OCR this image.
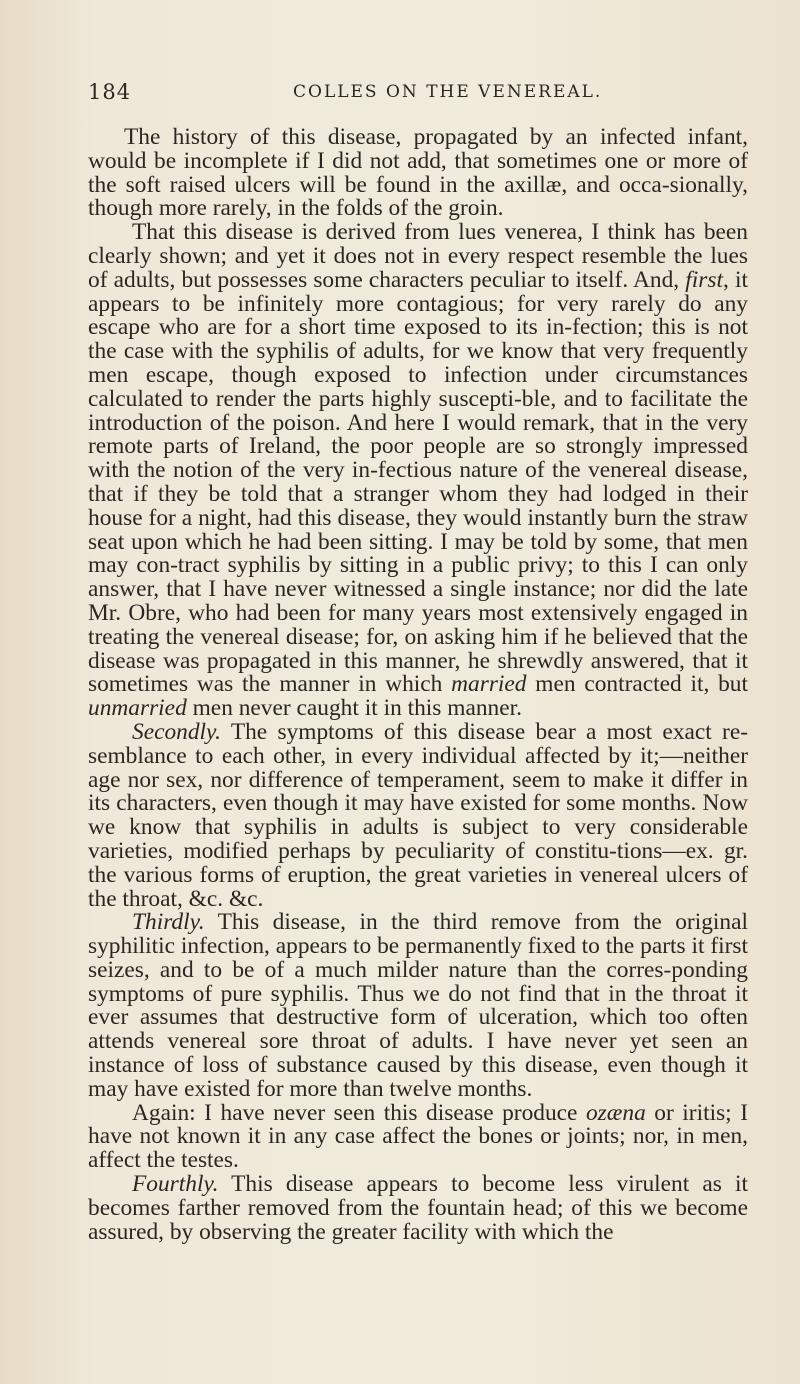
184	COLLES ON THE VENEREAL.

The history of this disease, propagated by an infected infant, would be incomplete if I did not add, that sometimes one or more of the soft raised ulcers will be found in the axillæ, and occa-sionally, though more rarely, in the folds of the groin.

That this disease is derived from lues venerea, I think has been clearly shown; and yet it does not in every respect resemble the lues of adults, but possesses some characters peculiar to itself. And, first, it appears to be infinitely more contagious; for very rarely do any escape who are for a short time exposed to its in-fection; this is not the case with the syphilis of adults, for we know that very frequently men escape, though exposed to infection under circumstances calculated to render the parts highly suscepti-ble, and to facilitate the introduction of the poison. And here I would remark, that in the very remote parts of Ireland, the poor people are so strongly impressed with the notion of the very in-fectious nature of the venereal disease, that if they be told that a stranger whom they had lodged in their house for a night, had this disease, they would instantly burn the straw seat upon which he had been sitting. I may be told by some, that men may con-tract syphilis by sitting in a public privy; to this I can only answer, that I have never witnessed a single instance; nor did the late Mr. Obre, who had been for many years most extensively engaged in treating the venereal disease; for, on asking him if he believed that the disease was propagated in this manner, he shrewdly answered, that it sometimes was the manner in which married men contracted it, but unmarried men never caught it in this manner.

Secondly. The symptoms of this disease bear a most exact re-semblance to each other, in every individual affected by it;—neither age nor sex, nor difference of temperament, seem to make it differ in its characters, even though it may have existed for some months. Now we know that syphilis in adults is subject to very considerable varieties, modified perhaps by peculiarity of constitu-tions—ex. gr. the various forms of eruption, the great varieties in venereal ulcers of the throat, &c. &c.

Thirdly. This disease, in the third remove from the original syphilitic infection, appears to be permanently fixed to the parts it first seizes, and to be of a much milder nature than the corres-ponding symptoms of pure syphilis. Thus we do not find that in the throat it ever assumes that destructive form of ulceration, which too often attends venereal sore throat of adults. I have never yet seen an instance of loss of substance caused by this disease, even though it may have existed for more than twelve months.

Again: I have never seen this disease produce ozæna or iritis; I have not known it in any case affect the bones or joints; nor, in men, affect the testes.

Fourthly. This disease appears to become less virulent as it becomes farther removed from the fountain head; of this we become assured, by observing the greater facility with which the
